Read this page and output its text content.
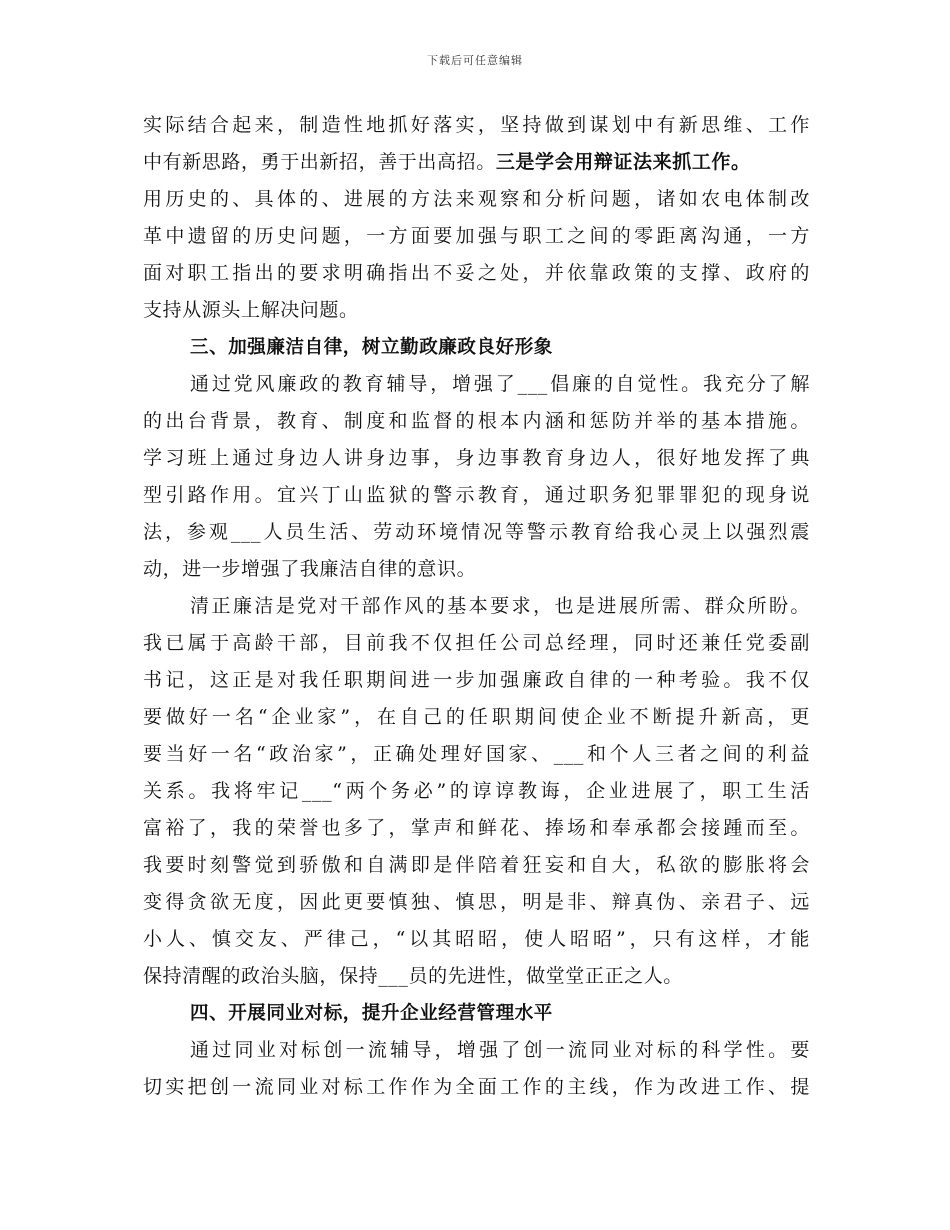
下载后可任意编辑
实际结合起来，制造性地抓好落实，坚持做到谋划中有新思维、工作
中有新思路，勇于出新招，善于出高招。三是学会用辩证法来抓工作。
用历史的、具体的、进展的方法来观察和分析问题，诸如农电体制改
革中遗留的历史问题，一方面要加强与职工之间的零距离沟通，一方
面对职工指出的要求明确指出不妥之处，并依靠政策的支撑、政府的
支持从源头上解决问题。
三、加强廉洁自律，树立勤政廉政良好形象
通过党风廉政的教育辅导，增强了___倡廉的自觉性。我充分了解
的出台背景，教育、制度和监督的根本内涵和惩防并举的基本措施。
学习班上通过身边人讲身边事，身边事教育身边人，很好地发挥了典
型引路作用。宜兴丁山监狱的警示教育，通过职务犯罪罪犯的现身说
法，参观___人员生活、劳动环境情况等警示教育给我心灵上以强烈震
动，进一步增强了我廉洁自律的意识。
清正廉洁是党对干部作风的基本要求，也是进展所需、群众所盼。
我已属于高龄干部，目前我不仅担任公司总经理，同时还兼任党委副
书记，这正是对我任职期间进一步加强廉政自律的一种考验。我不仅
要做好一名“企业家”，在自己的任职期间使企业不断提升新高，更
要当好一名“政治家”，正确处理好国家、___和个人三者之间的利益
关系。我将牢记___“两个务必”的谆谆教诲，企业进展了，职工生活
富裕了，我的荣誉也多了，掌声和鲜花、捧场和奉承都会接踵而至。
我要时刻警觉到骄傲和自满即是伴陪着狂妄和自大，私欲的膨胀将会
变得贪欲无度，因此更要慎独、慎思，明是非、辩真伪、亲君子、远
小人、慎交友、严律己，“以其昭昭，使人昭昭”，只有这样，才能
保持清醒的政治头脑，保持___员的先进性，做堂堂正正之人。
四、开展同业对标，提升企业经营管理水平
通过同业对标创一流辅导，增强了创一流同业对标的科学性。要
切实把创一流同业对标工作作为全面工作的主线，作为改进工作、提
